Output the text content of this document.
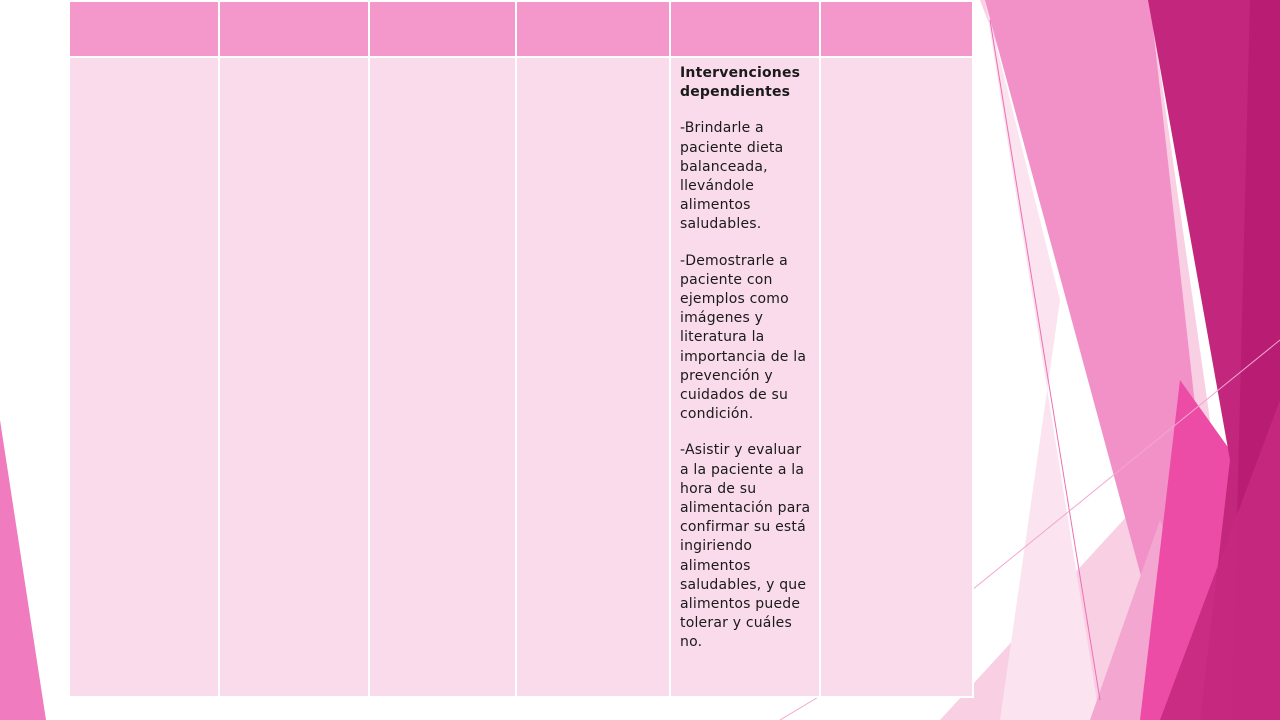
				Intervenciones dependientes

-Brindarle a paciente dieta balanceada, llevándole alimentos saludables.

-Demostrarle a paciente con ejemplos como imágenes y literatura la importancia de la prevención y cuidados de su condición.

-Asistir y evaluar a la paciente a la hora de su alimentación para confirmar su está ingiriendo alimentos saludables, y que alimentos puede tolerar y cuáles no.	
